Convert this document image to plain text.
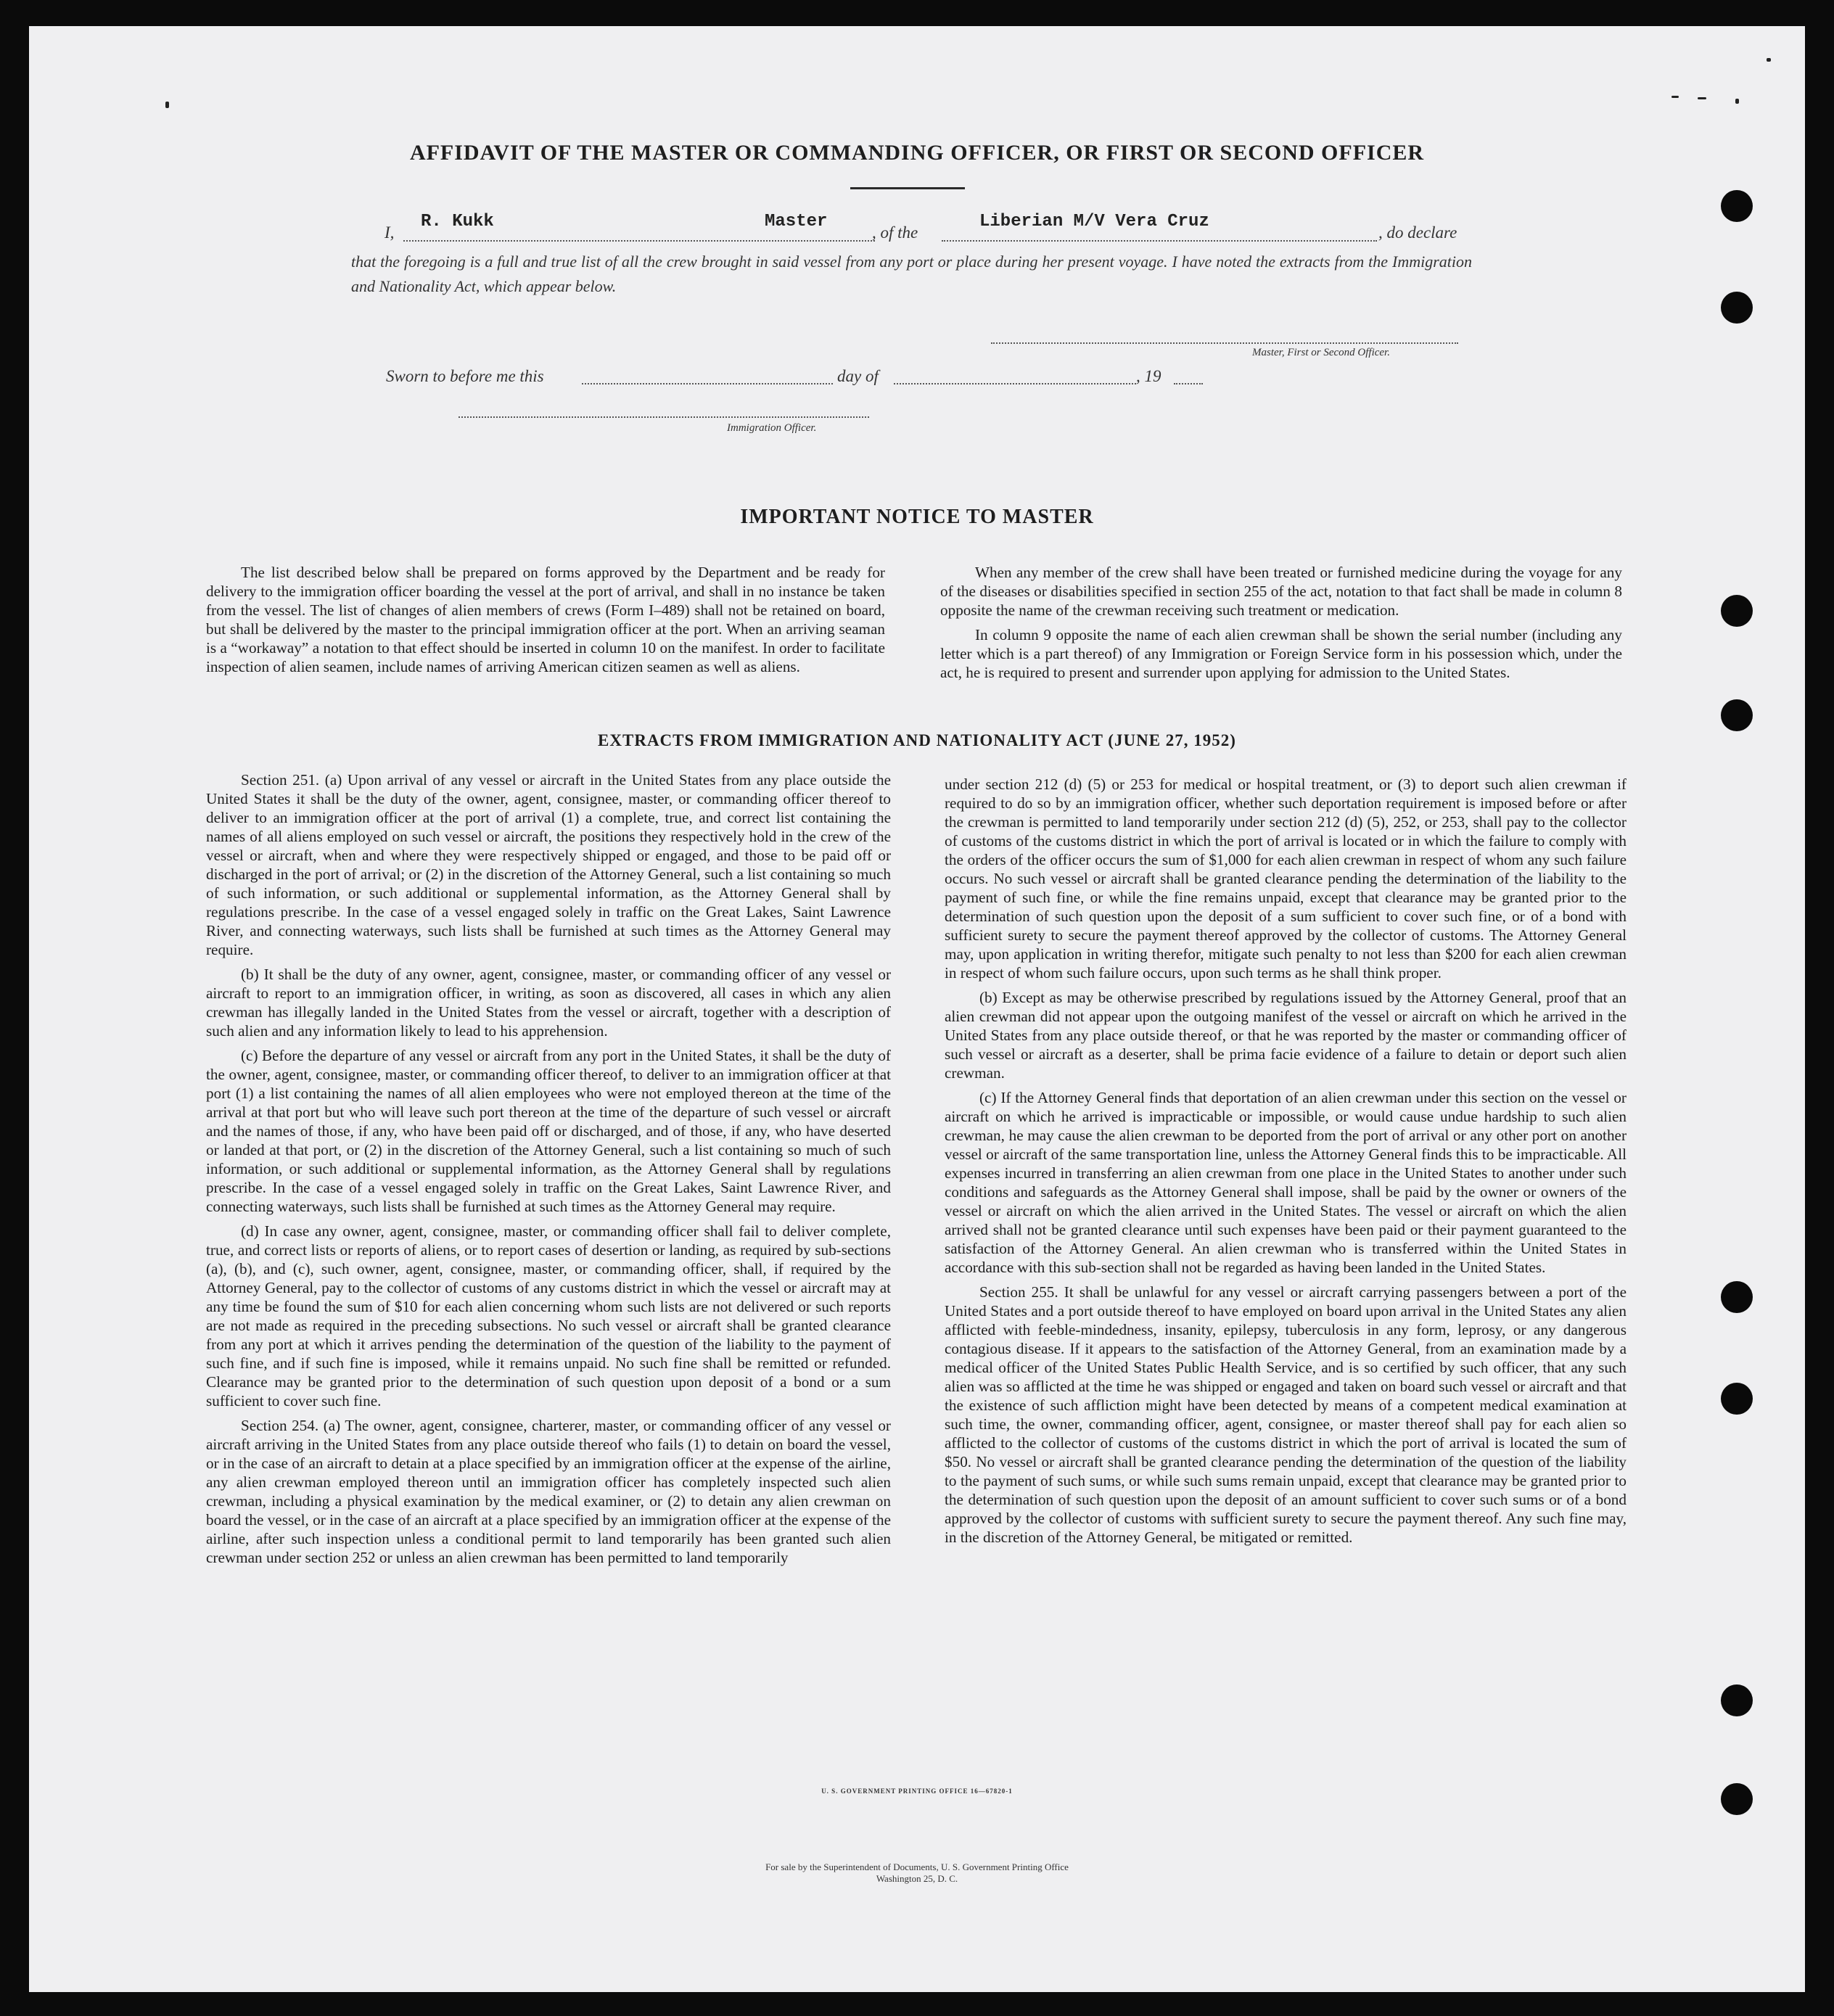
AFFIDAVIT OF THE MASTER OR COMMANDING OFFICER, OR FIRST OR SECOND OFFICER
I,
R. Kukk	Master
, of the
Liberian M/V Vera Cruz
, do declare
that the foregoing is a full and true list of all the crew brought in said vessel from any port or place during her present voyage. I have noted the extracts from the Immigration and Nationality Act, which appear below.
Master, First or Second Officer.
Sworn to before me this	day of	, 19
Immigration Officer.
IMPORTANT NOTICE TO MASTER

The list described below shall be prepared on forms approved by the Department and be ready for delivery to the immigration officer boarding the vessel at the port of arrival, and shall in no instance be taken from the vessel. The list of changes of alien members of crews (Form I–489) shall not be retained on board, but shall be delivered by the master to the principal immigration officer at the port. When an arriving seaman is a “workaway” a notation to that effect should be inserted in column 10 on the manifest. In order to facilitate inspection of alien seamen, include names of arriving American citizen seamen as well as aliens.

When any member of the crew shall have been treated or furnished medicine during the voyage for any of the diseases or disabilities specified in section 255 of the act, notation to that fact shall be made in column 8 opposite the name of the crewman receiving such treatment or medication.

In column 9 opposite the name of each alien crewman shall be shown the serial number (including any letter which is a part thereof) of any Immigration or Foreign Service form in his possession which, under the act, he is required to present and surrender upon applying for admission to the United States.

EXTRACTS FROM IMMIGRATION AND NATIONALITY ACT (JUNE 27, 1952)

Section 251. (a) Upon arrival of any vessel or aircraft in the United States from any place outside the United States it shall be the duty of the owner, agent, consignee, master, or commanding officer thereof to deliver to an immigration officer at the port of arrival (1) a complete, true, and correct list containing the names of all aliens employed on such vessel or aircraft, the positions they respectively hold in the crew of the vessel or aircraft, when and where they were respectively shipped or engaged, and those to be paid off or discharged in the port of arrival; or (2) in the discretion of the Attorney General, such a list containing so much of such information, or such additional or supplemental information, as the Attorney General shall by regulations prescribe. In the case of a vessel engaged solely in traffic on the Great Lakes, Saint Lawrence River, and connecting waterways, such lists shall be furnished at such times as the Attorney General may require.

(b) It shall be the duty of any owner, agent, consignee, master, or commanding officer of any vessel or aircraft to report to an immigration officer, in writing, as soon as discovered, all cases in which any alien crewman has illegally landed in the United States from the vessel or aircraft, together with a description of such alien and any information likely to lead to his apprehension.

(c) Before the departure of any vessel or aircraft from any port in the United States, it shall be the duty of the owner, agent, consignee, master, or commanding officer thereof, to deliver to an immigration officer at that port (1) a list containing the names of all alien employees who were not employed thereon at the time of the arrival at that port but who will leave such port thereon at the time of the departure of such vessel or aircraft and the names of those, if any, who have been paid off or discharged, and of those, if any, who have deserted or landed at that port, or (2) in the discretion of the Attorney General, such a list containing so much of such information, or such additional or supplemental information, as the Attorney General shall by regulations prescribe. In the case of a vessel engaged solely in traffic on the Great Lakes, Saint Lawrence River, and connecting waterways, such lists shall be furnished at such times as the Attorney General may require.

(d) In case any owner, agent, consignee, master, or commanding officer shall fail to deliver complete, true, and correct lists or reports of aliens, or to report cases of desertion or landing, as required by sub-sections (a), (b), and (c), such owner, agent, consignee, master, or commanding officer, shall, if required by the Attorney General, pay to the collector of customs of any customs district in which the vessel or aircraft may at any time be found the sum of $10 for each alien concerning whom such lists are not delivered or such reports are not made as required in the preceding subsections. No such vessel or aircraft shall be granted clearance from any port at which it arrives pending the determination of the question of the liability to the payment of such fine, and if such fine is imposed, while it remains unpaid. No such fine shall be remitted or refunded. Clearance may be granted prior to the determination of such question upon deposit of a bond or a sum sufficient to cover such fine.

Section 254. (a) The owner, agent, consignee, charterer, master, or commanding officer of any vessel or aircraft arriving in the United States from any place outside thereof who fails (1) to detain on board the vessel, or in the case of an aircraft to detain at a place specified by an immigration officer at the expense of the airline, any alien crewman employed thereon until an immigration officer has completely inspected such alien crewman, including a physical examination by the medical examiner, or (2) to detain any alien crewman on board the vessel, or in the case of an aircraft at a place specified by an immigration officer at the expense of the airline, after such inspection unless a conditional permit to land temporarily has been granted such alien crewman under section 252 or unless an alien crewman has been permitted to land temporarily

under section 212 (d) (5) or 253 for medical or hospital treatment, or (3) to deport such alien crewman if required to do so by an immigration officer, whether such deportation requirement is imposed before or after the crewman is permitted to land temporarily under section 212 (d) (5), 252, or 253, shall pay to the collector of customs of the customs district in which the port of arrival is located or in which the failure to comply with the orders of the officer occurs the sum of $1,000 for each alien crewman in respect of whom any such failure occurs. No such vessel or aircraft shall be granted clearance pending the determination of the liability to the payment of such fine, or while the fine remains unpaid, except that clearance may be granted prior to the determination of such question upon the deposit of a sum sufficient to cover such fine, or of a bond with sufficient surety to secure the payment thereof approved by the collector of customs. The Attorney General may, upon application in writing therefor, mitigate such penalty to not less than $200 for each alien crewman in respect of whom such failure occurs, upon such terms as he shall think proper.

(b) Except as may be otherwise prescribed by regulations issued by the Attorney General, proof that an alien crewman did not appear upon the outgoing manifest of the vessel or aircraft on which he arrived in the United States from any place outside thereof, or that he was reported by the master or commanding officer of such vessel or aircraft as a deserter, shall be prima facie evidence of a failure to detain or deport such alien crewman.

(c) If the Attorney General finds that deportation of an alien crewman under this section on the vessel or aircraft on which he arrived is impracticable or impossible, or would cause undue hardship to such alien crewman, he may cause the alien crewman to be deported from the port of arrival or any other port on another vessel or aircraft of the same transportation line, unless the Attorney General finds this to be impracticable. All expenses incurred in transferring an alien crewman from one place in the United States to another under such conditions and safeguards as the Attorney General shall impose, shall be paid by the owner or owners of the vessel or aircraft on which the alien arrived in the United States. The vessel or aircraft on which the alien arrived shall not be granted clearance until such expenses have been paid or their payment guaranteed to the satisfaction of the Attorney General. An alien crewman who is transferred within the United States in accordance with this sub-section shall not be regarded as having been landed in the United States.

Section 255. It shall be unlawful for any vessel or aircraft carrying passengers between a port of the United States and a port outside thereof to have employed on board upon arrival in the United States any alien afflicted with feeble-mindedness, insanity, epilepsy, tuberculosis in any form, leprosy, or any dangerous contagious disease. If it appears to the satisfaction of the Attorney General, from an examination made by a medical officer of the United States Public Health Service, and is so certified by such officer, that any such alien was so afflicted at the time he was shipped or engaged and taken on board such vessel or aircraft and that the existence of such affliction might have been detected by means of a competent medical examination at such time, the owner, commanding officer, agent, consignee, or master thereof shall pay for each alien so afflicted to the collector of customs of the customs district in which the port of arrival is located the sum of $50. No vessel or aircraft shall be granted clearance pending the determination of the question of the liability to the payment of such sums, or while such sums remain unpaid, except that clearance may be granted prior to the determination of such question upon the deposit of an amount sufficient to cover such sums or of a bond approved by the collector of customs with sufficient surety to secure the payment thereof. Any such fine may, in the discretion of the Attorney General, be mitigated or remitted.

U. S. GOVERNMENT PRINTING OFFICE 16—67820-1
For sale by the Superintendent of Documents, U. S. Government Printing Office
Washington 25, D. C.
